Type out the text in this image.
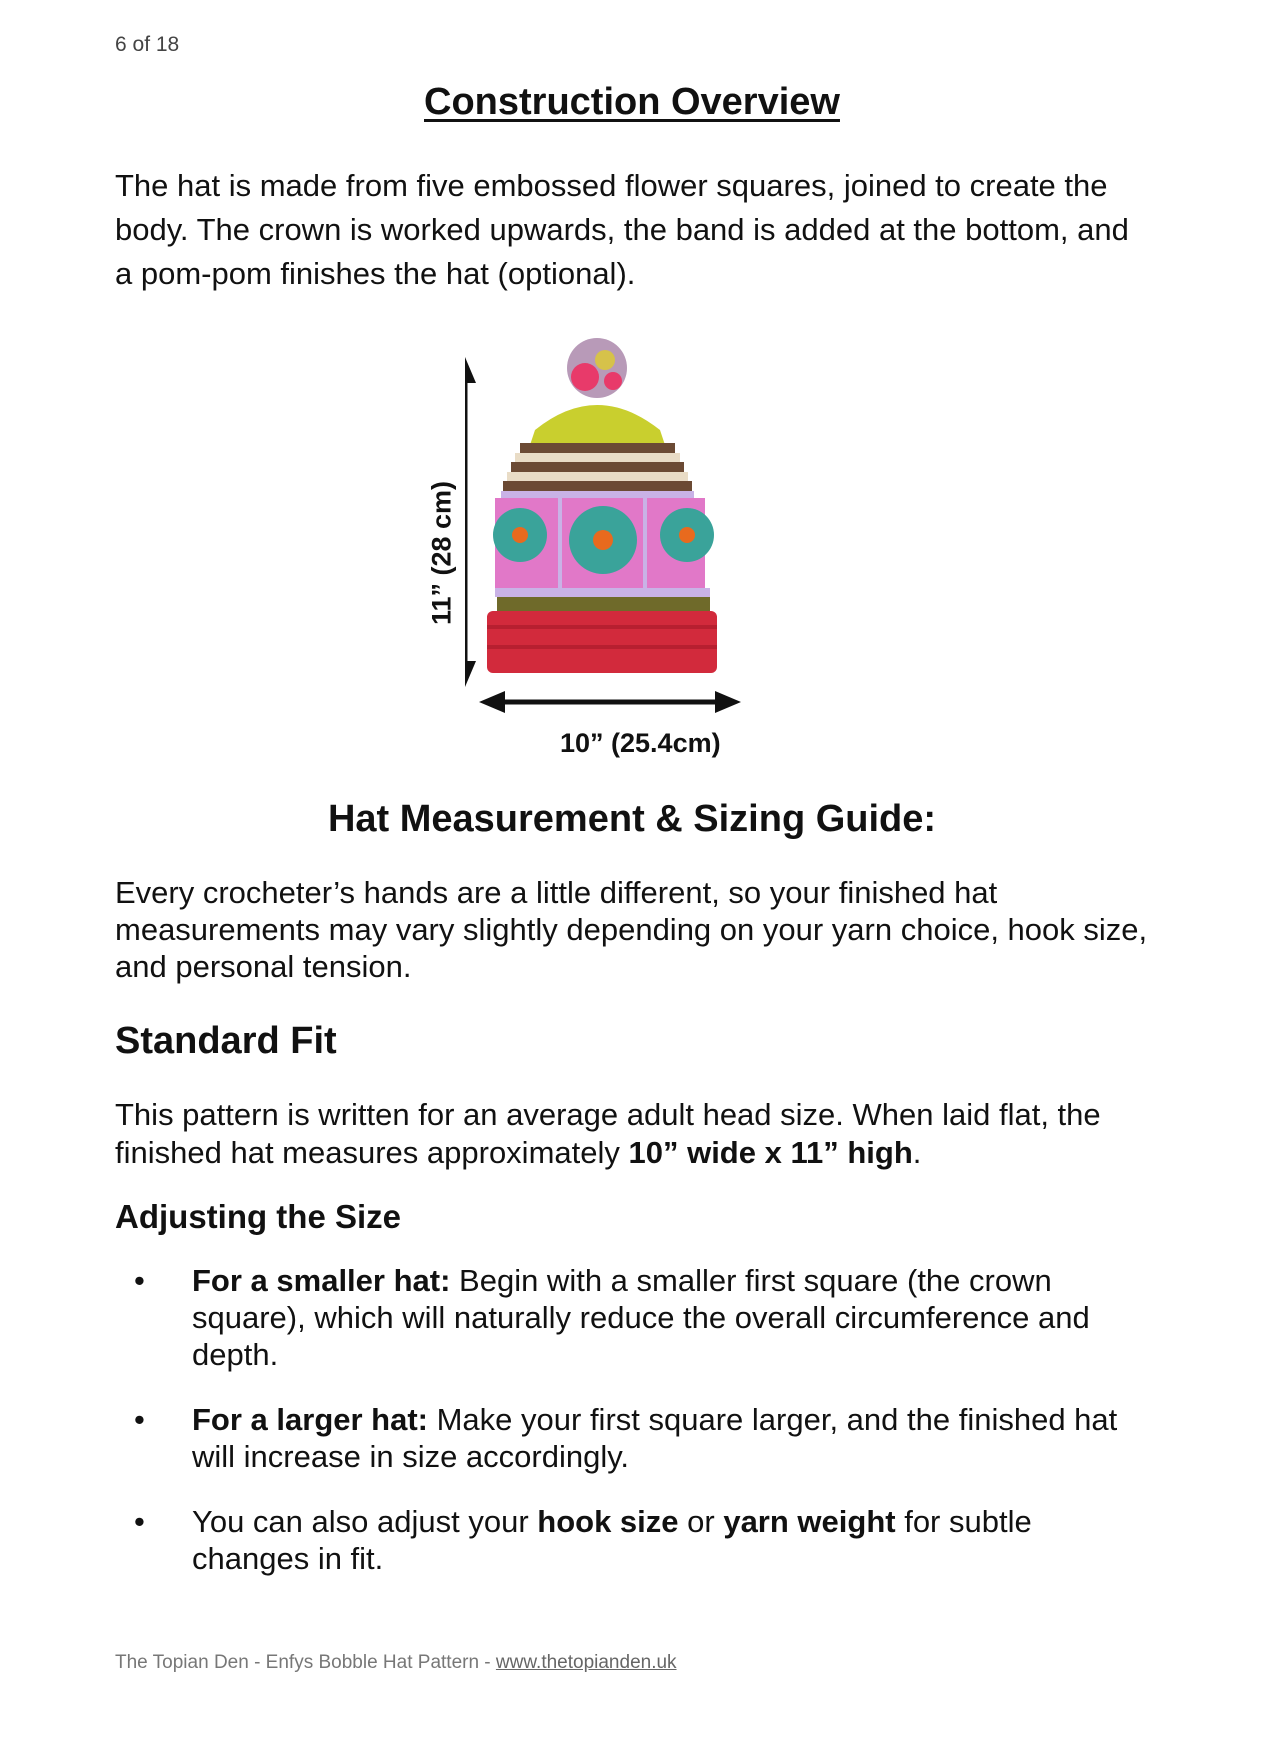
6 of 18
Construction Overview

The hat is made from five embossed flower squares, joined to create the body. The crown is worked upwards, the band is added at the bottom, and a pom-pom finishes the hat (optional).

11” (28 cm)
10” (25.4cm)
Hat Measurement & Sizing Guide:

Every crocheter’s hands are a little different, so your finished hat measurements may vary slightly depending on your yarn choice, hook size, and personal tension.

Standard Fit

This pattern is written for an average adult head size. When laid flat, the finished hat measures approximately 10” wide x 11” high.

Adjusting the Size
• For a smaller hat: Begin with a smaller first square (the crown square), which will naturally reduce the overall circumference and depth.
• For a larger hat: Make your first square larger, and the finished hat will increase in size accordingly.
• You can also adjust your hook size or yarn weight for subtle changes in fit.
The Topian Den - Enfys Bobble Hat Pattern - www.thetopianden.uk
